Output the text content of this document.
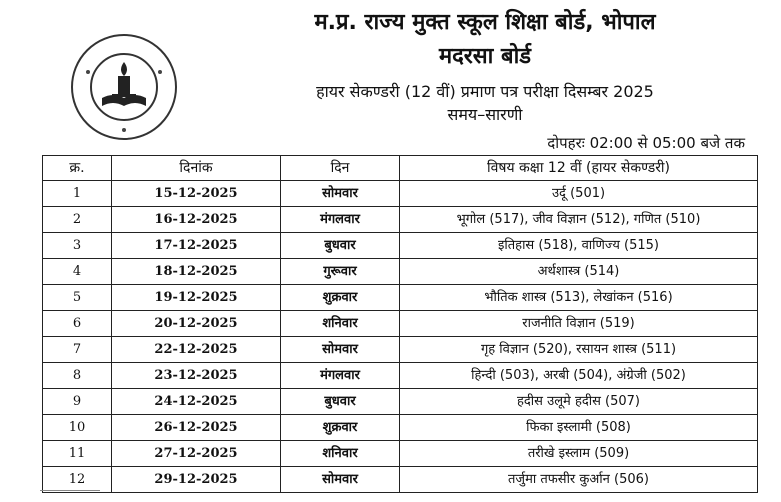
म.प्र. राज्य मुक्त स्कूल शिक्षा बोर्ड, भोपाल
मदरसा बोर्ड
हायर सेकण्डरी (12 वीं) प्रमाण पत्र परीक्षा दिसम्बर 2025
समय–सारणी
दोपहरः 02:00 से 05:00 बजे तक
क्र.	दिनांक	दिन	विषय कक्षा 12 वीं (हायर सेकण्डरी)
1	15-12-2025	सोमवार	उर्दू (501)
2	16-12-2025	मंगलवार	भूगोल (517), जीव विज्ञान (512), गणित (510)
3	17-12-2025	बुधवार	इतिहास (518), वाणिज्य (515)
4	18-12-2025	गुरूवार	अर्थशास्त्र (514)
5	19-12-2025	शुक्रवार	भौतिक शास्त्र (513), लेखांकन (516)
6	20-12-2025	शनिवार	राजनीति विज्ञान (519)
7	22-12-2025	सोमवार	गृह विज्ञान (520), रसायन शास्त्र (511)
8	23-12-2025	मंगलवार	हिन्दी (503), अरबी (504), अंग्रेजी (502)
9	24-12-2025	बुधवार	हदीस उलूमे हदीस (507)
10	26-12-2025	शुक्रवार	फिका इस्लामी (508)
11	27-12-2025	शनिवार	तरीखे इस्लाम (509)
12	29-12-2025	सोमवार	तर्जुमा तफसीर कुर्आन (506)
